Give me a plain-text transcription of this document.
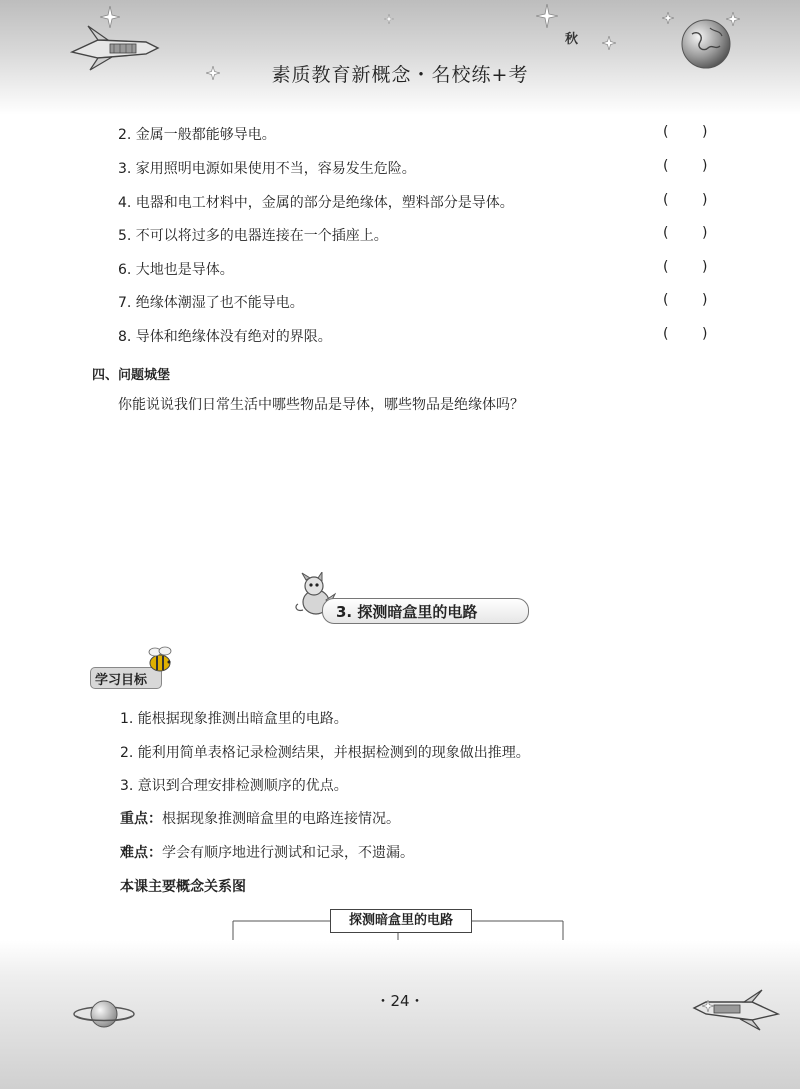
秋
素质教育新概念・名校练+考
2. 金属一般都能够导电。	( )
3. 家用照明电源如果使用不当，容易发生危险。	( )
4. 电器和电工材料中，金属的部分是绝缘体，塑料部分是导体。	( )
5. 不可以将过多的电器连接在一个插座上。	( )
6. 大地也是导体。	( )
7. 绝缘体潮湿了也不能导电。	( )
8. 导体和绝缘体没有绝对的界限。	( )
四、问题城堡
你能说说我们日常生活中哪些物品是导体，哪些物品是绝缘体吗？
3. 探测暗盒里的电路
学习目标
1. 能根据现象推测出暗盒里的电路。
2. 能利用简单表格记录检测结果，并根据检测到的现象做出推理。
3. 意识到合理安排检测顺序的优点。
重点：根据现象推测暗盒里的电路连接情况。
难点：学会有顺序地进行测试和记录，不遗漏。
本课主要概念关系图
探测暗盒里的电路
・24・
